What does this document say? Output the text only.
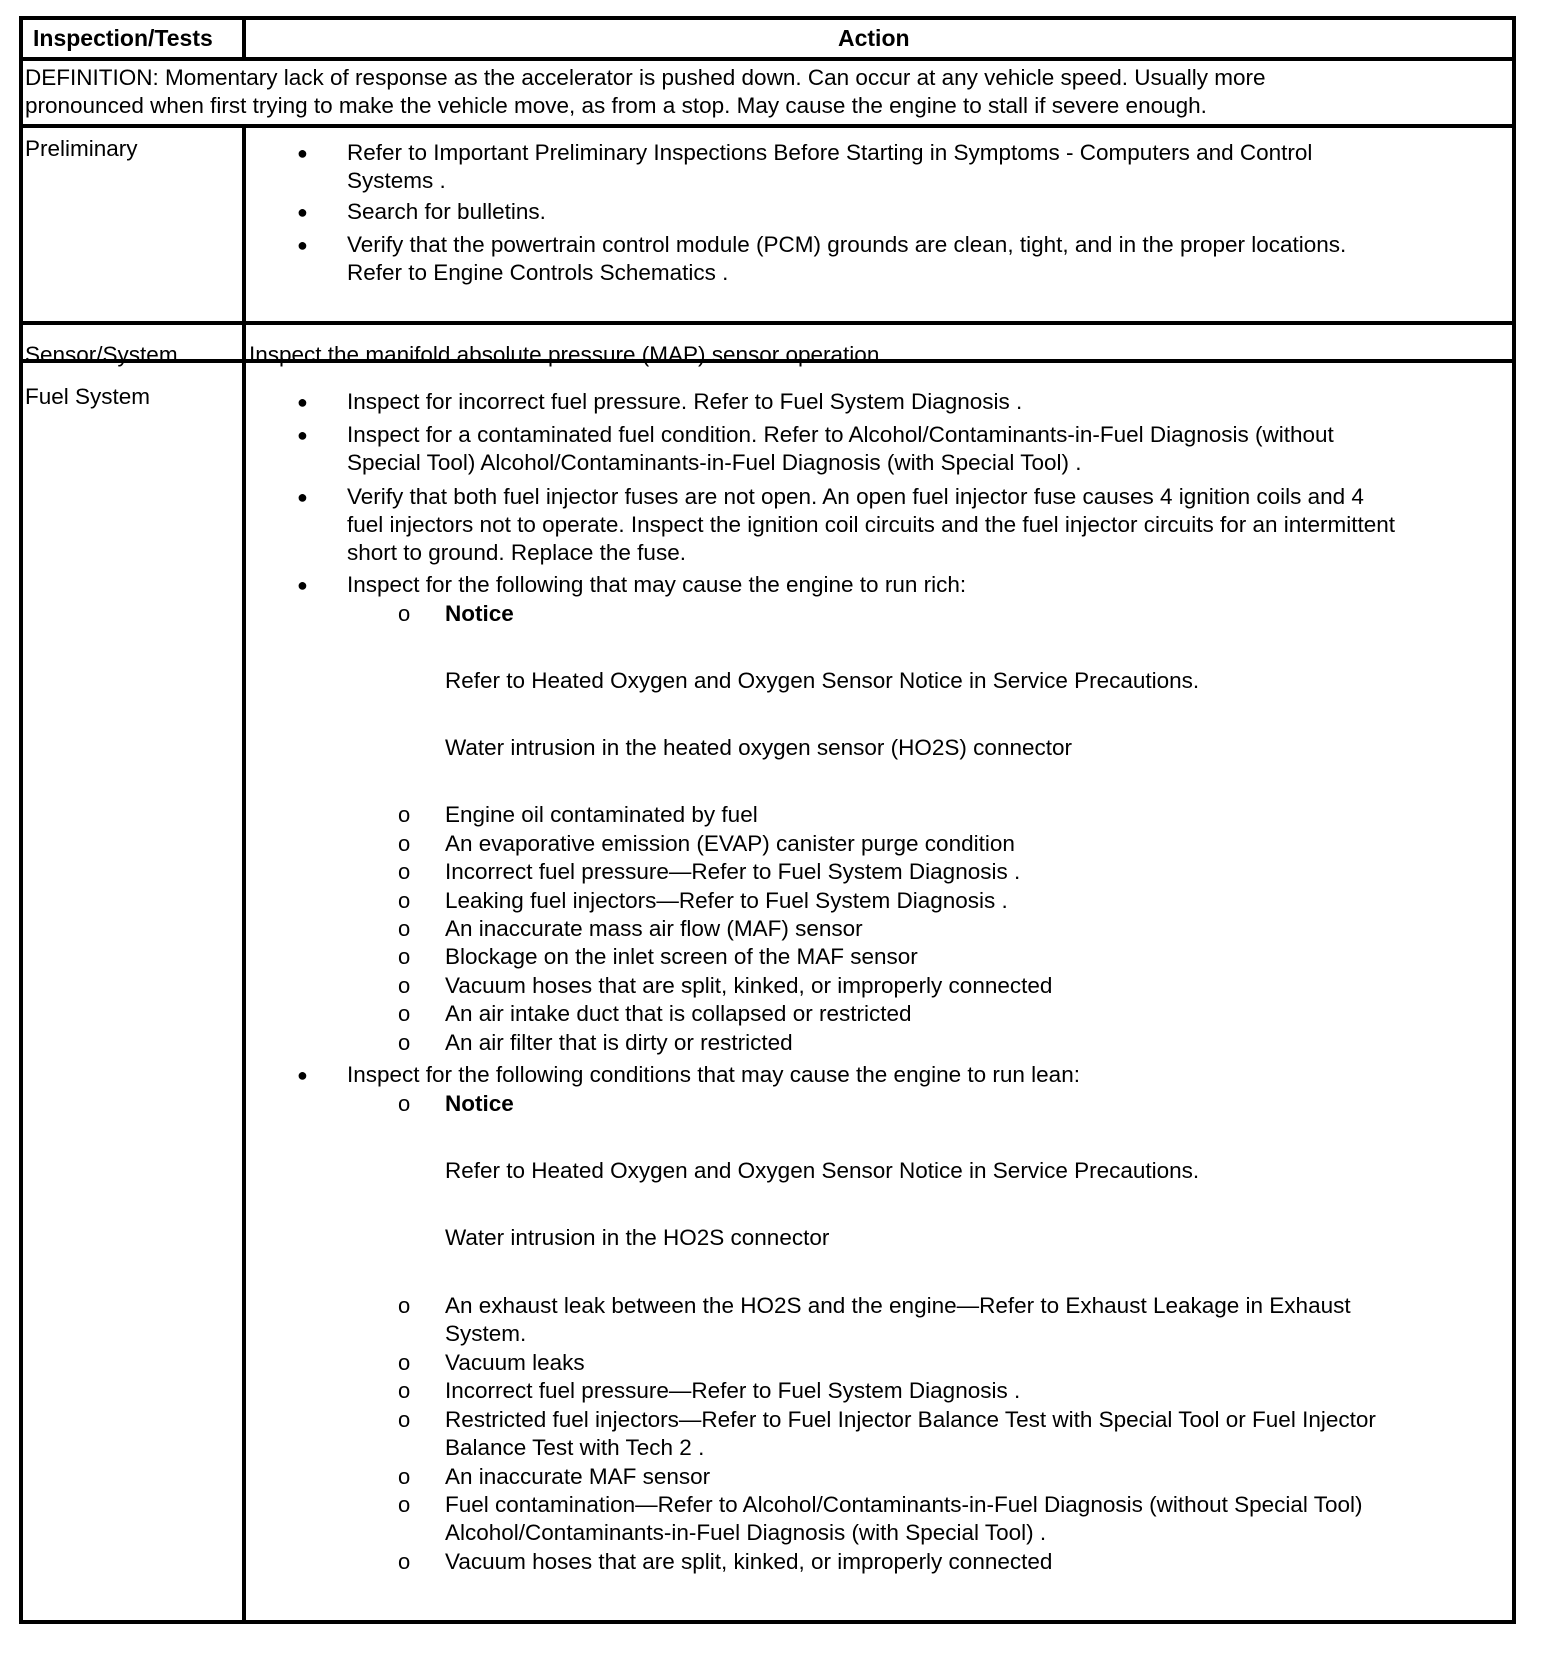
Inspection/Tests	Action
DEFINITION: Momentary lack of response as the accelerator is pushed down. Can occur at any vehicle speed. Usually more
pronounced when first trying to make the vehicle move, as from a stop. May cause the engine to stall if severe enough.
Preliminary	● Refer to Important Preliminary Inspections Before Starting in Symptoms - Computers and Control
Systems .
● Search for bulletins.
● Verify that the powertrain control module (PCM) grounds are clean, tight, and in the proper locations.
Refer to Engine Controls Schematics .
Sensor/System	Inspect the manifold absolute pressure (MAP) sensor operation.
Fuel System	● Inspect for incorrect fuel pressure. Refer to Fuel System Diagnosis .
● Inspect for a contaminated fuel condition. Refer to Alcohol/Contaminants-in-Fuel Diagnosis (without
Special Tool) Alcohol/Contaminants-in-Fuel Diagnosis (with Special Tool) .
● Verify that both fuel injector fuses are not open. An open fuel injector fuse causes 4 ignition coils and 4
fuel injectors not to operate. Inspect the ignition coil circuits and the fuel injector circuits for an intermittent
short to ground. Replace the fuse.
● Inspect for the following that may cause the engine to run rich:
o Notice
Refer to Heated Oxygen and Oxygen Sensor Notice in Service Precautions.
Water intrusion in the heated oxygen sensor (HO2S) connector
o Engine oil contaminated by fuel
o An evaporative emission (EVAP) canister purge condition
o Incorrect fuel pressure—Refer to Fuel System Diagnosis .
o Leaking fuel injectors—Refer to Fuel System Diagnosis .
o An inaccurate mass air flow (MAF) sensor
o Blockage on the inlet screen of the MAF sensor
o Vacuum hoses that are split, kinked, or improperly connected
o An air intake duct that is collapsed or restricted
o An air filter that is dirty or restricted
● Inspect for the following conditions that may cause the engine to run lean:
o Notice
Refer to Heated Oxygen and Oxygen Sensor Notice in Service Precautions.
Water intrusion in the HO2S connector
o An exhaust leak between the HO2S and the engine—Refer to Exhaust Leakage in Exhaust
System.
o Vacuum leaks
o Incorrect fuel pressure—Refer to Fuel System Diagnosis .
o Restricted fuel injectors—Refer to Fuel Injector Balance Test with Special Tool or Fuel Injector
Balance Test with Tech 2 .
o An inaccurate MAF sensor
o Fuel contamination—Refer to Alcohol/Contaminants-in-Fuel Diagnosis (without Special Tool)
Alcohol/Contaminants-in-Fuel Diagnosis (with Special Tool) .
o Vacuum hoses that are split, kinked, or improperly connected
